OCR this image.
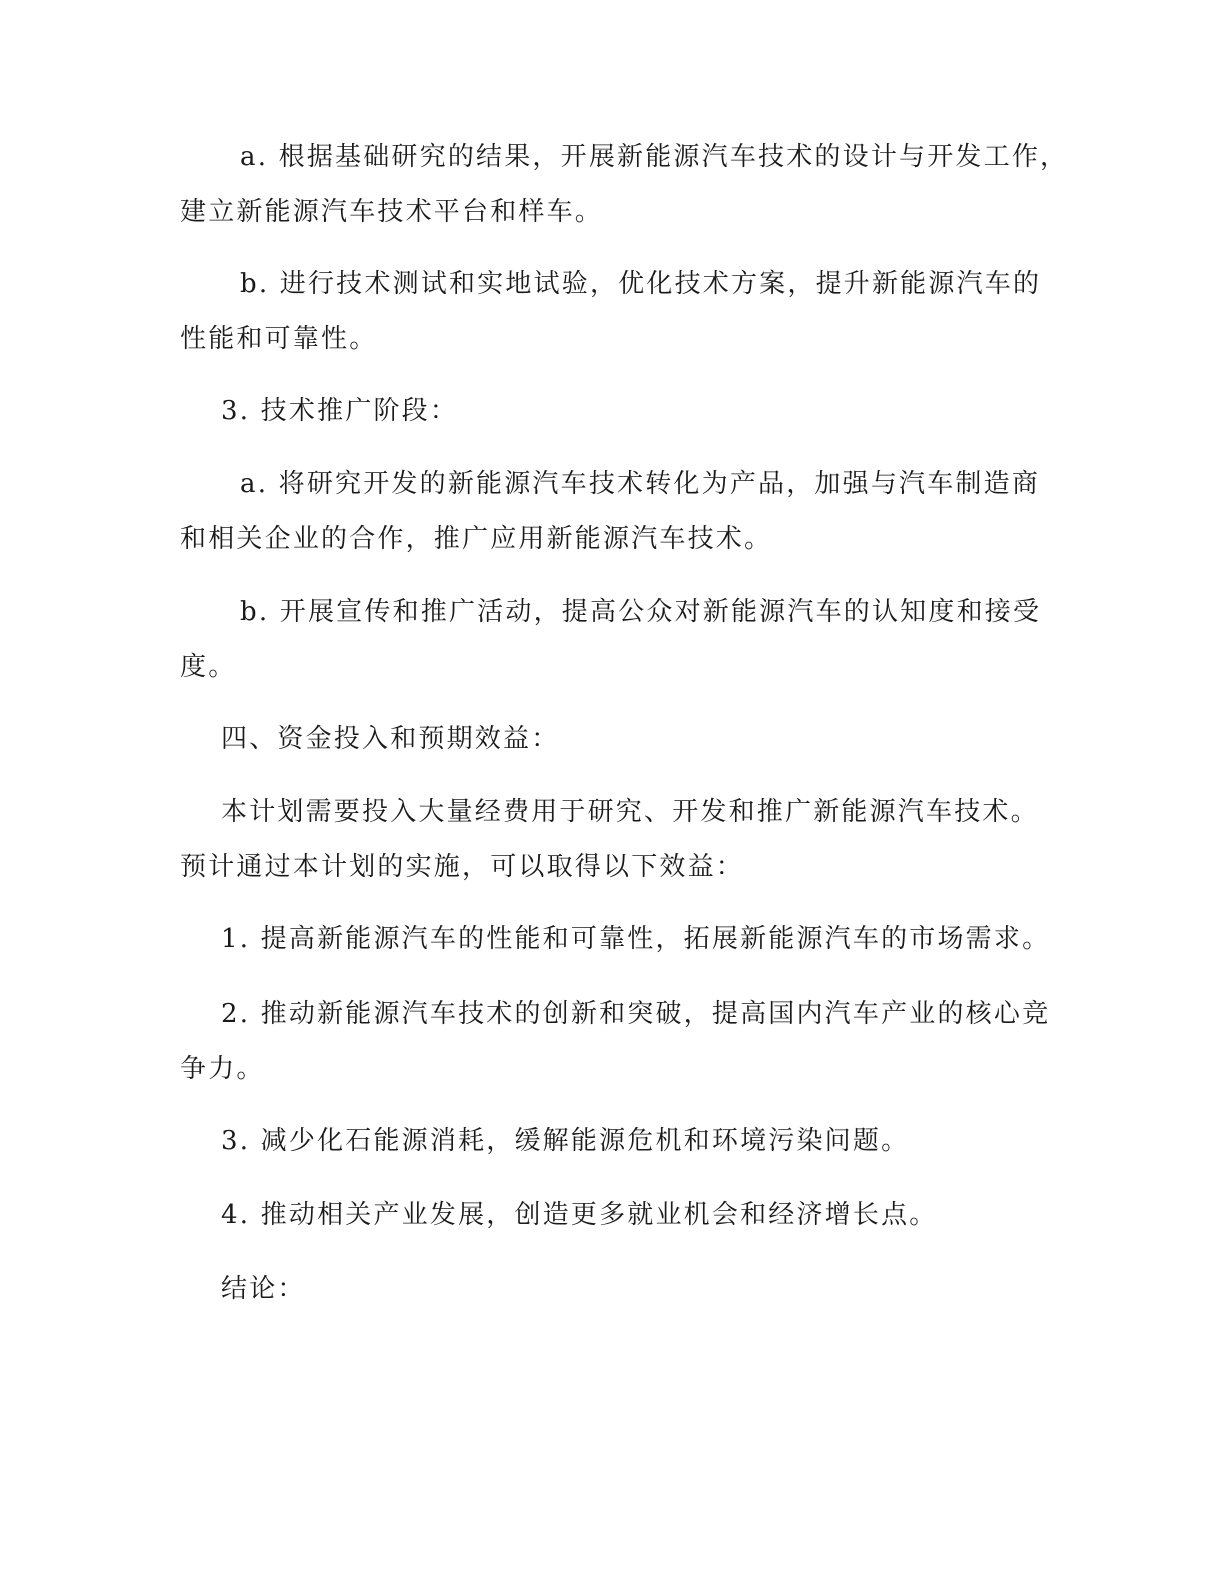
a. 根据基础研究的结果，开展新能源汽车技术的设计与开发工作，
建立新能源汽车技术平台和样车。
b. 进行技术测试和实地试验，优化技术方案，提升新能源汽车的
性能和可靠性。
3. 技术推广阶段：
a. 将研究开发的新能源汽车技术转化为产品，加强与汽车制造商
和相关企业的合作，推广应用新能源汽车技术。
b. 开展宣传和推广活动，提高公众对新能源汽车的认知度和接受
度。
四、资金投入和预期效益：
本计划需要投入大量经费用于研究、开发和推广新能源汽车技术。
预计通过本计划的实施，可以取得以下效益：
1. 提高新能源汽车的性能和可靠性，拓展新能源汽车的市场需求。
2. 推动新能源汽车技术的创新和突破，提高国内汽车产业的核心竞
争力。
3. 减少化石能源消耗，缓解能源危机和环境污染问题。
4. 推动相关产业发展，创造更多就业机会和经济增长点。
结论：
